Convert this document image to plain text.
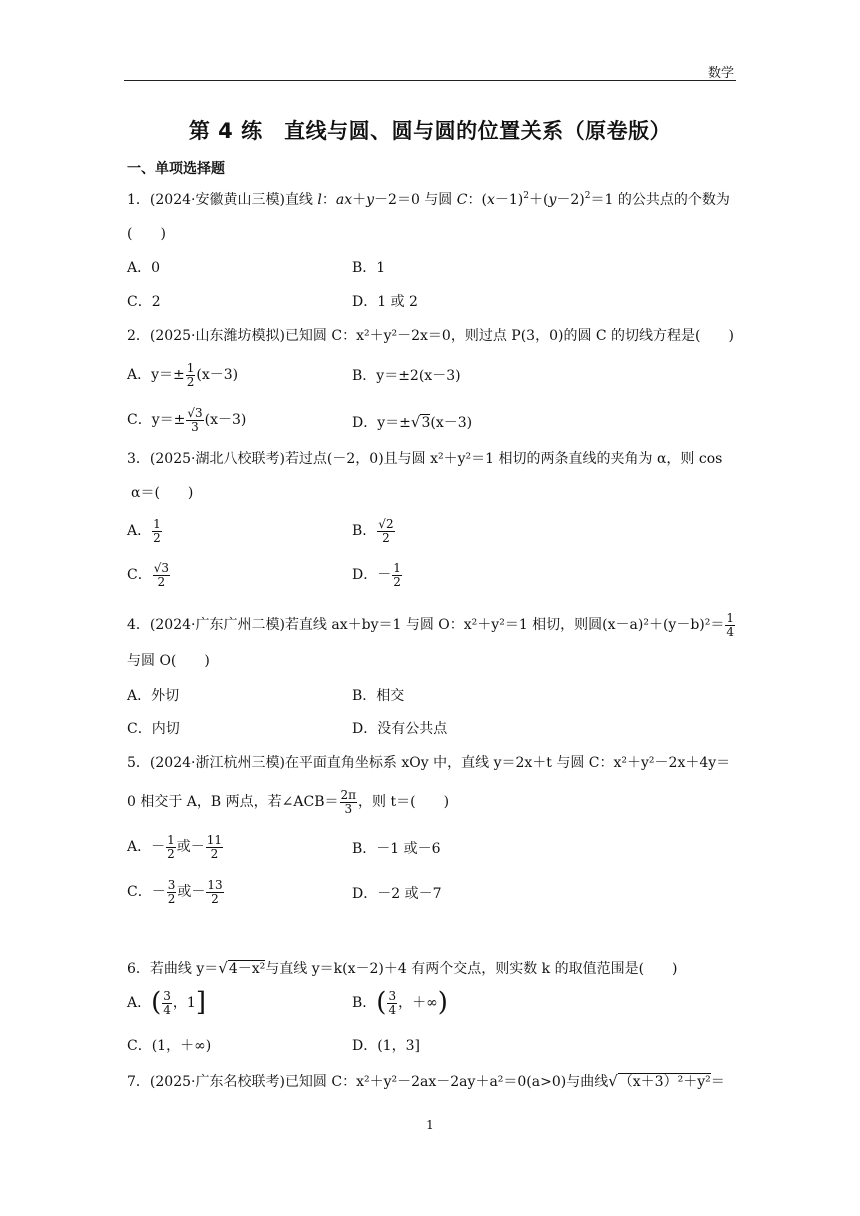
数学
第 4 练　直线与圆、圆与圆的位置关系（原卷版）
一、单项选择题
1．(2024·安徽黄山三模)直线 l：ax＋y－2＝0 与圆 C：$(x-1)^2+(y-2)^2=1$ 的公共点的个数为
(　　)
A．0	B．1
C．2	D．1 或 2
2．(2025·山东潍坊模拟)已知圆 C：x²＋y²－2x＝0，则过点 P(3，0)的圆 C 的切线方程是(　　)
A．$y=\pm \frac{1}{2} (x-3)$	B．y＝±2(x－3)
C．$y=\pm \frac{√3}{3} (x-3)$	D．y＝±√3(x－3)
3．(2025·湖北八校联考)若过点(－2，0)且与圆 x²＋y²＝1 相切的两条直线的夹角为 α，则 cos
α＝(　　)
A． $\frac{1}{2}$	B． $\frac{√2}{2}$
C． $\frac{√3}{2}$	D．－ $\frac{1}{2}$
4．(2024·广东广州二模)若直线 ax＋by＝1 与圆 O：x²＋y²＝1 相切，则圆$(x-a)^2+(y-b)^2= \frac{1}{4}$
与圆 O(　　)
A．外切	B．相交
C．内切	D．没有公共点
5．(2024·浙江杭州三模)在平面直角坐标系 xOy 中，直线 y＝2x＋t 与圆 C：x²＋y²－2x＋4y＝
0 相交于 A，B 两点，若∠ACB＝ $\frac{2\pi}{3}$ ，则 t＝(　　)
A．－ $\frac{1}{2}$ 或－ $\frac{11}{2}$	B．－1 或－6
C．－ $\frac{3}{2}$ 或－ $\frac{13}{2}$	D．－2 或－7
6．若曲线 y＝√4－x²与直线 y＝k(x－2)＋4 有两个交点，则实数 k 的取值范围是(　　)
A．( $\frac{3}{4}$ ，1]	B．( $\frac{3}{4}$ ，＋∞)
C．(1，＋∞)	D．(1，3]
7．(2025·广东名校联考)已知圆 C：x²＋y²－2ax－2ay＋a²＝0(a>0)与曲线√（x＋3）²＋y²＝
1
